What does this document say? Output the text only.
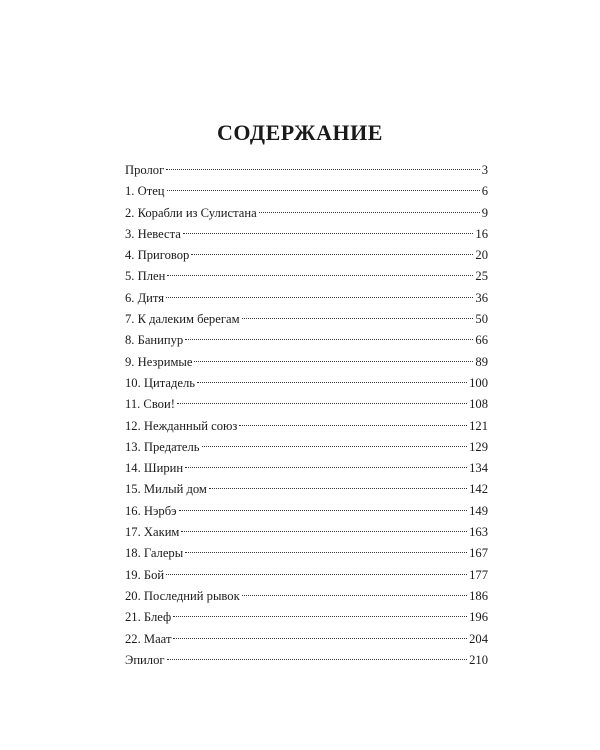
СОДЕРЖАНИЕ
Пролог	3
1. Отец	6
2. Корабли из Сулистана	9
3. Невеста	16
4. Приговор	20
5. Плен	25
6. Дитя	36
7. К далеким берегам	50
8. Банипур	66
9. Незримые	89
10. Цитадель	100
11. Свои!	108
12. Нежданный союз	121
13. Предатель	129
14. Ширин	134
15. Милый дом	142
16. Нэрбэ	149
17. Хаким	163
18. Галеры	167
19. Бой	177
20. Последний рывок	186
21. Блеф	196
22. Маат	204
Эпилог	210
